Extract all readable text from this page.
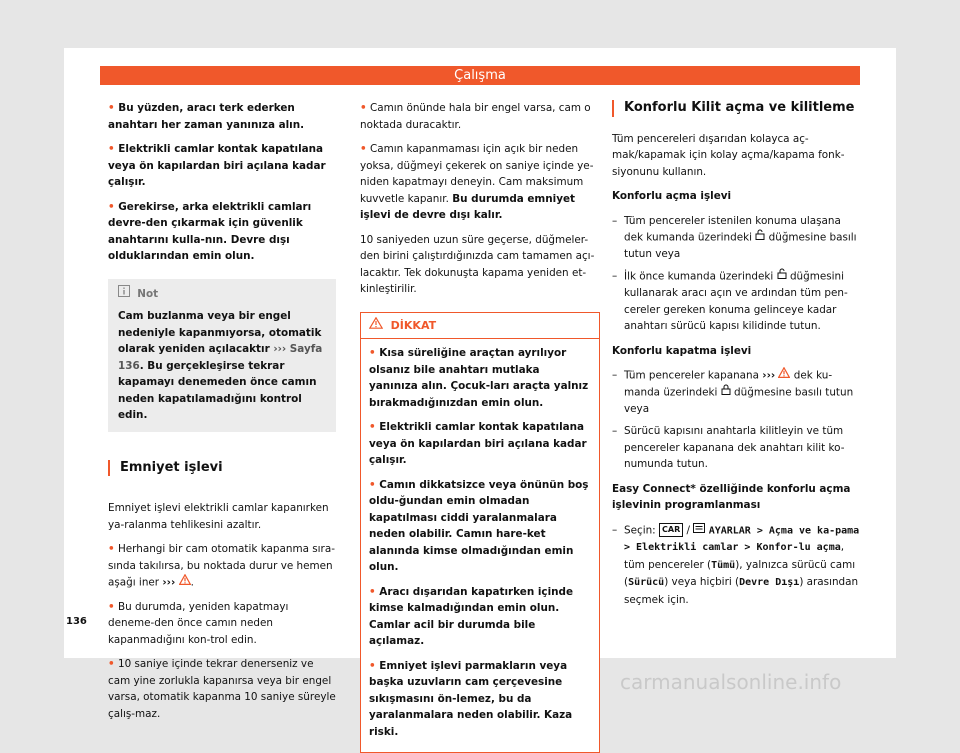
Çalışma

• Bu yüzden, aracı terk ederken anahtarı her zaman yanınıza alın.

• Elektrikli camlar kontak kapatılana veya ön kapılardan biri açılana kadar çalışır.

• Gerekirse, arka elektrikli camları devre-den çıkarmak için güvenlik anahtarını kulla-nın. Devre dışı olduklarından emin olun.

Not
Cam buzlanma veya bir engel nedeniyle kapanmıyorsa, otomatik olarak yeniden açılacaktır ››› Sayfa 136. Bu gerçekleşirse tekrar kapamayı denemeden önce camın neden kapatılamadığını kontrol edin.
Emniyet işlevi

Emniyet işlevi elektrikli camlar kapanırken ya-ralanma tehlikesini azaltır.

• Herhangi bir cam otomatik kapanma sıra-sında takılırsa, bu noktada durur ve hemen aşağı iner ››› .

• Bu durumda, yeniden kapatmayı deneme-den önce camın neden kapanmadığını kon-trol edin.

• 10 saniye içinde tekrar denerseniz ve cam yine zorlukla kapanırsa veya bir engel varsa, otomatik kapanma 10 saniye süreyle çalış-maz.

• Camın önünde hala bir engel varsa, cam o noktada duracaktır.

• Camın kapanmaması için açık bir neden yoksa, düğmeyi çekerek on saniye içinde ye-niden kapatmayı deneyin. Cam maksimum kuvvetle kapanır. Bu durumda emniyet işlevi de devre dışı kalır.

10 saniyeden uzun süre geçerse, düğmeler-den birini çalıştırdığınızda cam tamamen açı-lacaktır. Tek dokunuşta kapama yeniden et-kinleştirilir.

DİKKAT

• Kısa süreliğine araçtan ayrılıyor olsanız bile anahtarı mutlaka yanınıza alın. Çocuk-ları araçta yalnız bırakmadığınızdan emin olun.

• Elektrikli camlar kontak kapatılana veya ön kapılardan biri açılana kadar çalışır.

• Camın dikkatsizce veya önünün boş oldu-ğundan emin olmadan kapatılması ciddi yaralanmalara neden olabilir. Camın hare-ket alanında kimse olmadığından emin olun.

• Aracı dışarıdan kapatırken içinde kimse kalmadığından emin olun. Camlar acil bir durumda bile açılamaz.

• Emniyet işlevi parmakların veya başka uzuvların cam çerçevesine sıkışmasını ön-lemez, bu da yaralanmalara neden olabilir. Kaza riski.

Konforlu Kilit açma ve kilitleme

Tüm pencereleri dışarıdan kolayca aç-mak/kapamak için kolay açma/kapama fonk-siyonunu kullanın.

Konforlu açma işlevi

– Tüm pencereler istenilen konuma ulaşana dek kumanda üzerindeki düğmesine basılı tutun veya
– İlk önce kumanda üzerindeki düğmesini kullanarak aracı açın ve ardından tüm pen-cereler gereken konuma gelinceye kadar anahtarı sürücü kapısı kilidinde tutun.

Konforlu kapatma işlevi

– Tüm pencereler kapanana ››› dek ku-manda üzerindeki düğmesine basılı tutun veya
– Sürücü kapısını anahtarla kilitleyin ve tüm pencereler kapanana dek anahtarı kilit ko-numunda tutun.

Easy Connect* özelliğinde konforlu açma işlevinin programlanması

– Seçin: CAR / AYARLAR > Açma ve ka-pama > Elektrikli camlar > Konfor-lu açma, tüm pencereler (Tümü), yalnızca sürücü camı (Sürücü) veya hiçbiri (Devre Dışı) arasından seçmek için.
136
carmanualsonline.info
